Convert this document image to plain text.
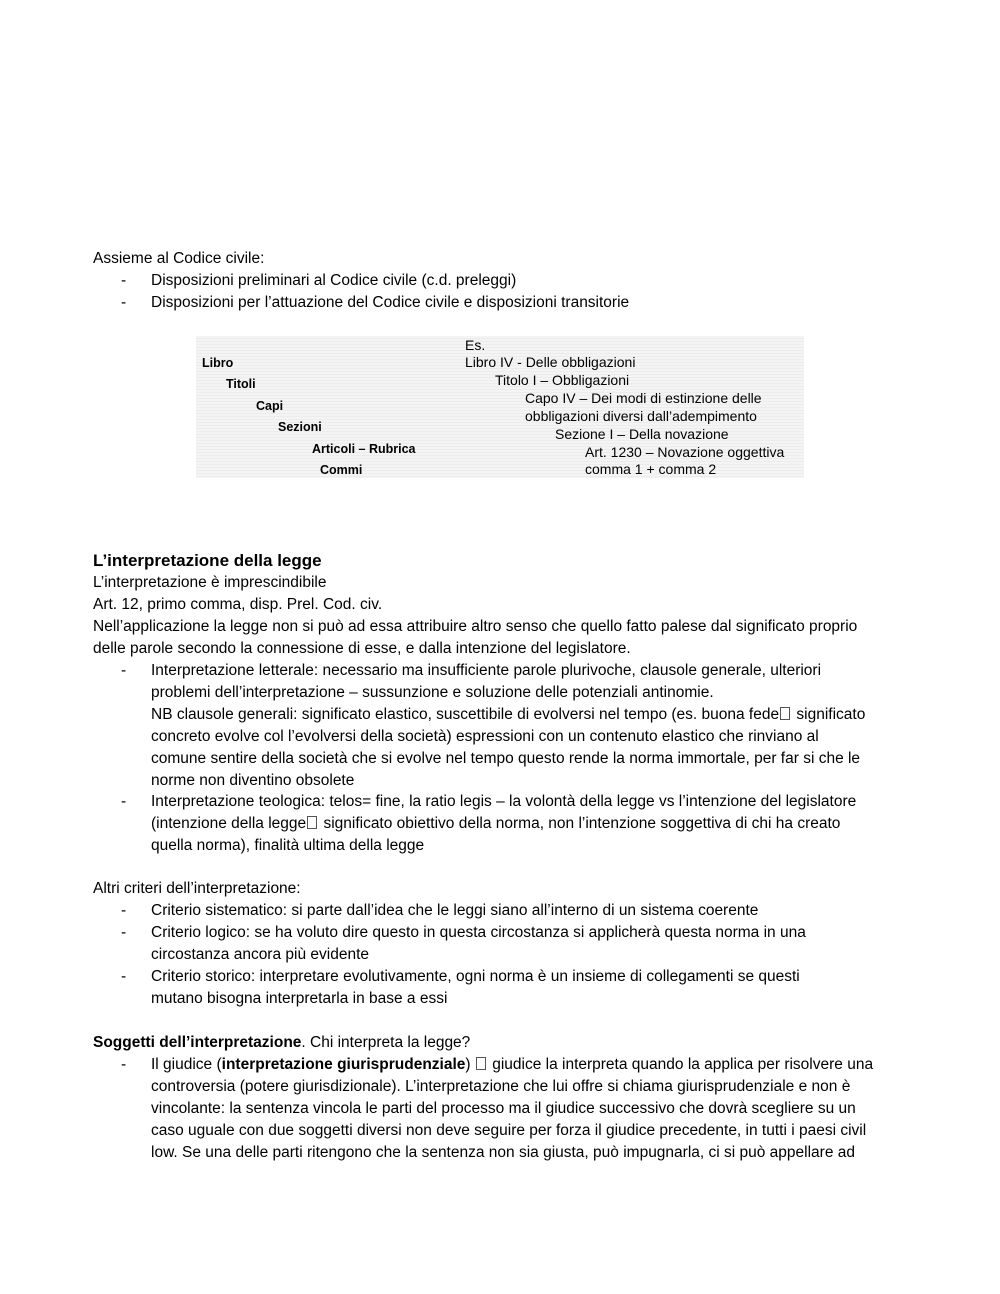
Assieme al Codice civile:
- Disposizioni preliminari al Codice civile (c.d. preleggi)
- Disposizioni per l’attuazione del Codice civile e disposizioni transitorie
Libro
Titoli
Capi
Sezioni
Articoli – Rubrica
Commi
Es.
Libro IV - Delle obbligazioni
Titolo I – Obbligazioni
Capo IV – Dei modi di estinzione delle
obbligazioni diversi dall’adempimento
Sezione I – Della novazione
Art. 1230 – Novazione oggettiva
comma 1 + comma 2
L’interpretazione della legge
L’interpretazione è imprescindibile
Art. 12, primo comma, disp. Prel. Cod. civ.
Nell’applicazione la legge non si può ad essa attribuire altro senso che quello fatto palese dal significato proprio
delle parole secondo la connessione di esse, e dalla intenzione del legislatore.
- Interpretazione letterale: necessario ma insufficiente parole plurivoche, clausole generale, ulteriori
problemi dell’interpretazione – sussunzione e soluzione delle potenziali antinomie.
NB clausole generali: significato elastico, suscettibile di evolversi nel tempo (es. buona fede significato
concreto evolve col l’evolversi della società) espressioni con un contenuto elastico che rinviano al
comune sentire della società che si evolve nel tempo questo rende la norma immortale, per far si che le
norme non diventino obsolete
- Interpretazione teologica: telos= fine, la ratio legis – la volontà della legge vs l’intenzione del legislatore
(intenzione della legge significato obiettivo della norma, non l’intenzione soggettiva di chi ha creato
quella norma), finalità ultima della legge
Altri criteri dell’interpretazione:
- Criterio sistematico: si parte dall’idea che le leggi siano all’interno di un sistema coerente
- Criterio logico: se ha voluto dire questo in questa circostanza si applicherà questa norma in una
circostanza ancora più evidente
- Criterio storico: interpretare evolutivamente, ogni norma è un insieme di collegamenti se questi
mutano bisogna interpretarla in base a essi
Soggetti dell’interpretazione. Chi interpreta la legge?
- Il giudice (interpretazione giurisprudenziale) giudice la interpreta quando la applica per risolvere una
controversia (potere giurisdizionale). L’interpretazione che lui offre si chiama giurisprudenziale e non è
vincolante: la sentenza vincola le parti del processo ma il giudice successivo che dovrà scegliere su un
caso uguale con due soggetti diversi non deve seguire per forza il giudice precedente, in tutti i paesi civil
low. Se una delle parti ritengono che la sentenza non sia giusta, può impugnarla, ci si può appellare ad
